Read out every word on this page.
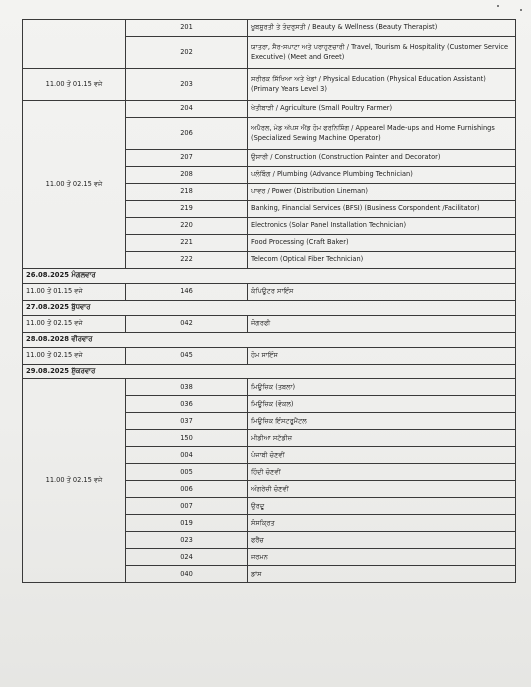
	201	ਖੂਬਸੂਰਤੀ ਤੇ ਤੰਦਰੁਸਤੀ / Beauty & Wellness (Beauty Therapist)
	202	ਯਾਤਰਾ, ਸੈਰ-ਸਪਾਟਾ ਅਤੇ ਪਰਾਹੁਣਚਾਰੀ / Travel, Tourism & Hospitality (Customer Service Executive) (Meet and Greet)
11.00 ਤੋਂ 01.15 ਵਜੇ	203	ਸਰੀਰਕ ਸਿੱਖਿਆ ਅਤੇ ਖੇਡਾਂ / Physical Education (Physical Education Assistant) (Primary Years Level 3)
11.00 ਤੋਂ 02.15 ਵਜੇ	204	ਖੇਤੀਬਾੜੀ / Agriculture (Small Poultry Farmer)
	206	ਅਪੈਰਲ, ਮੇਡ ਅੱਪਸ ਐਂਡ ਹੋਮ ਫਰਨਿਸ਼ਿੰਗ / Appearel Made-ups and Home Furnishings (Specialized Sewing Machine Operator)
	207	ਉਸਾਰੀ / Construction (Construction Painter and Decorator)
	208	ਪਲੰਬਿੰਗ / Plumbing (Advance Plumbing Technician)
	218	ਪਾਵਰ / Power (Distribution Lineman)
	219	Banking, Financial Services (BFSI) (Business Corspondent /Facilitator)
	220	Electronics (Solar Panel Installation Technician)
	221	Food Processing (Craft Baker)
	222	Telecom (Optical Fiber Technician)
26.08.2025 ਮੰਗਲਵਾਰ		
11.00 ਤੋਂ 01.15 ਵਜੇ	146	ਕੰਪਿਊਟਰ ਸਾਇੰਸ
27.08.2025 ਬੁੱਧਵਾਰ		
11.00 ਤੋਂ 02.15 ਵਜੇ	042	ਜੋਗਰਫੀ
28.08.2028 ਵੀਰਵਾਰ		
11.00 ਤੋਂ 02.15 ਵਜੇ	045	ਹੋਮ ਸਾਇੰਸ
29.08.2025 ਸ਼ੁੱਕਰਵਾਰ		
11.00 ਤੋਂ 02.15 ਵਜੇ	038	ਮਿਊਜ਼ਿਕ (ਤਬਲਾ)
	036	ਮਿਊਜ਼ਿਕ (ਵੋਕਲ)
	037	ਮਿਊਜ਼ਿਕ ਇੰਸਟਰੂਮੈਂਟਲ
	150	ਮੀਡੀਆ ਸਟੱਡੀਜ਼
	004	ਪੰਜਾਬੀ ਚੋਣਵੀਂ
	005	ਹਿੰਦੀ ਚੋਣਵੀਂ
	006	ਅੰਗਰੇਜ਼ੀ ਚੋਣਵੀਂ
	007	ਉਰਦੂ
	019	ਸੰਸਕ੍ਰਿਤ
	023	ਫਰੈਂਚ
	024	ਜਰਮਨ
	040	ਡਾਂਸ
